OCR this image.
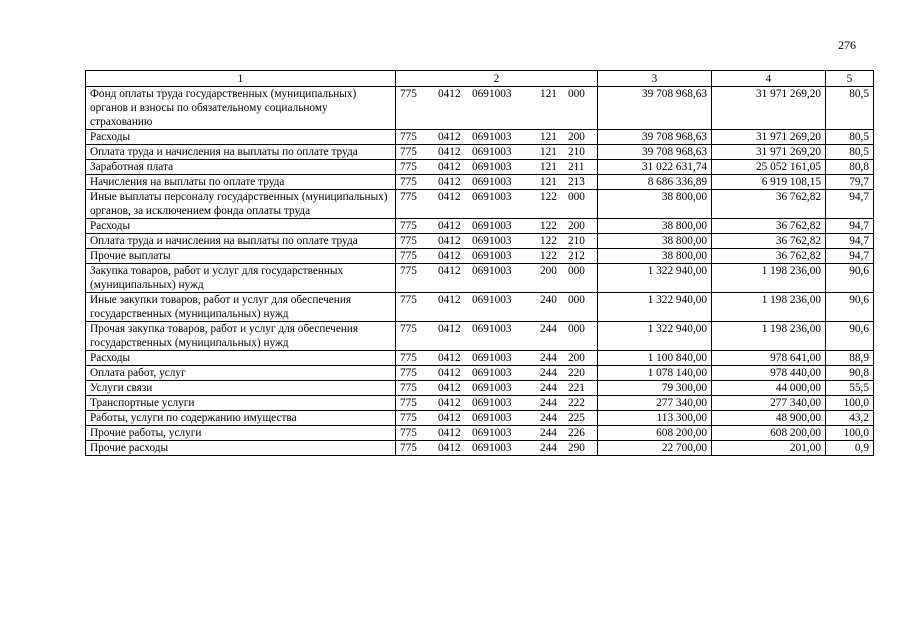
276
1	2	3	4	5
Фонд оплаты труда государственных (муниципальных) органов и взносы по обязательному социальному страхованию	775 0412 0691003 121 000	39 708 968,63	31 971 269,20	80,5
Расходы	775 0412 0691003 121 200	39 708 968,63	31 971 269,20	80,5
Оплата труда и начисления на выплаты по оплате труда	775 0412 0691003 121 210	39 708 968,63	31 971 269,20	80,5
Заработная плата	775 0412 0691003 121 211	31 022 631,74	25 052 161,05	80,8
Начисления на выплаты по оплате труда	775 0412 0691003 121 213	8 686 336,89	6 919 108,15	79,7
Иные выплаты персоналу государственных (муниципальных) органов, за исключением фонда оплаты труда	775 0412 0691003 122 000	38 800,00	36 762,82	94,7
Расходы	775 0412 0691003 122 200	38 800,00	36 762,82	94,7
Оплата труда и начисления на выплаты по оплате труда	775 0412 0691003 122 210	38 800,00	36 762,82	94,7
Прочие выплаты	775 0412 0691003 122 212	38 800,00	36 762,82	94,7
Закупка товаров, работ и услуг для государственных (муниципальных) нужд	775 0412 0691003 200 000	1 322 940,00	1 198 236,00	90,6
Иные закупки товаров, работ и услуг для обеспечения государственных (муниципальных) нужд	775 0412 0691003 240 000	1 322 940,00	1 198 236,00	90,6
Прочая закупка товаров, работ и услуг для обеспечения государственных (муниципальных) нужд	775 0412 0691003 244 000	1 322 940,00	1 198 236,00	90,6
Расходы	775 0412 0691003 244 200	1 100 840,00	978 641,00	88,9
Оплата работ, услуг	775 0412 0691003 244 220	1 078 140,00	978 440,00	90,8
Услуги связи	775 0412 0691003 244 221	79 300,00	44 000,00	55,5
Транспортные услуги	775 0412 0691003 244 222	277 340,00	277 340,00	100,0
Работы, услуги по содержанию имущества	775 0412 0691003 244 225	113 300,00	48 900,00	43,2
Прочие работы, услуги	775 0412 0691003 244 226	608 200,00	608 200,00	100,0
Прочие расходы	775 0412 0691003 244 290	22 700,00	201,00	0,9
